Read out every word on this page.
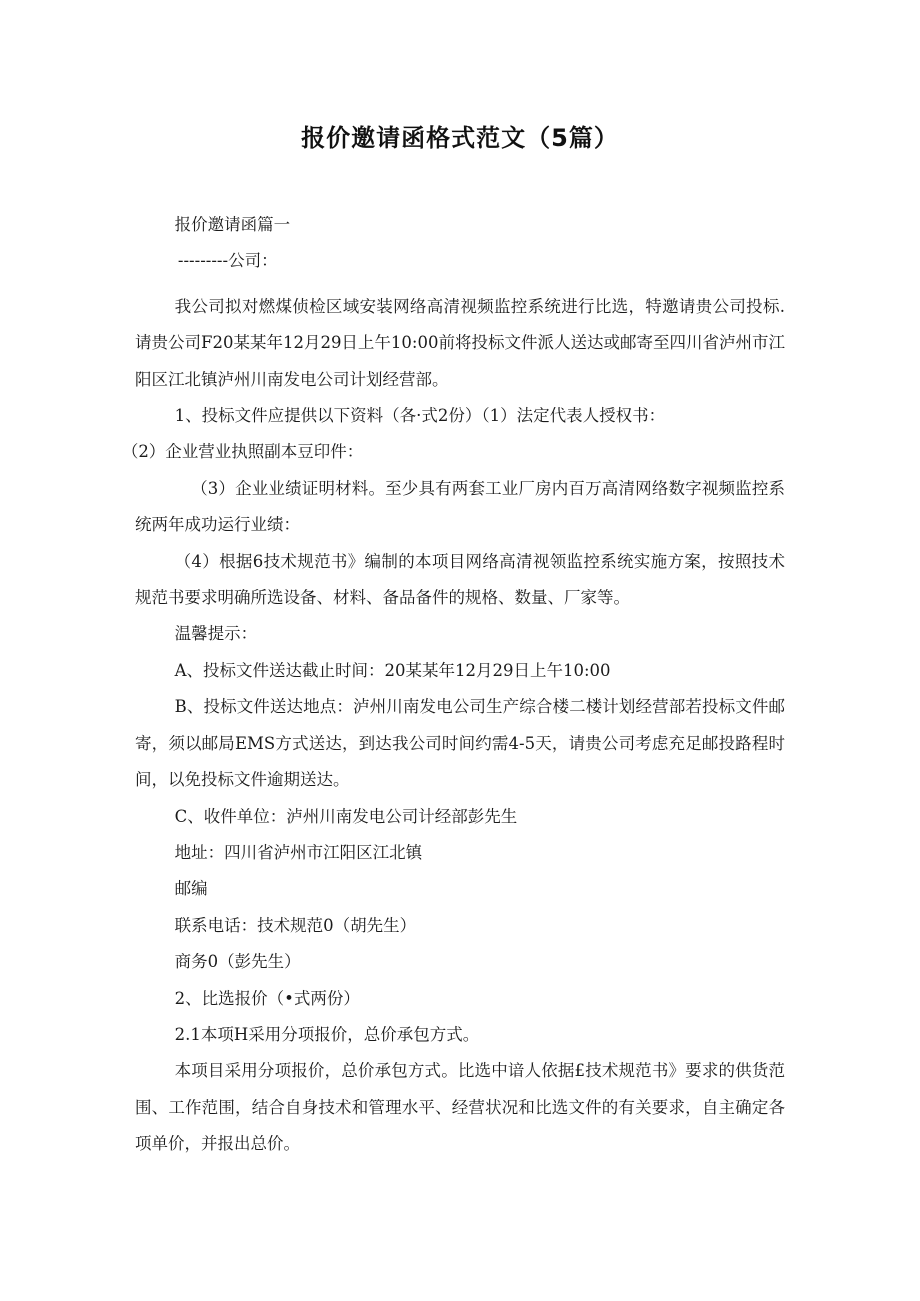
报价邀请函格式范文（5篇）

报价邀请函篇一

---------公司：

我公司拟对燃煤侦检区域安装网络高清视频监控系统进行比选，特邀请贵公司投标.请贵公司F20某某年12月29日上午10:00前将投标文件派人送达或邮寄至四川省泸州市江阳区江北镇泸州川南发电公司计划经营部。

1、投标文件应提供以下资料（各·式2份）（1）法定代表人授权书：

（2）企业营业执照副本豆印件：

（3）企业业绩证明材料。至少具有两套工业厂房内百万高清网络数字视频监控系统两年成功运行业绩：

（4）根据6技术规范书》编制的本项目网络高清视领监控系统实施方案，按照技术规范书要求明确所选设备、材料、备品备件的规格、数量、厂家等。

温馨提示：

A、投标文件送达截止时间：20某某年12月29日上午10:00

B、投标文件送达地点：泸州川南发电公司生产综合楼二楼计划经营部若投标文件邮寄，须以邮局EMS方式送达，到达我公司时间约需4-5天，请贵公司考虑充足邮投路程时间，以免投标文件逾期送达。

C、收件单位：泸州川南发电公司计经部彭先生

地址：四川省泸州市江阳区江北镇

邮编

联系电话：技术规范0（胡先生）

商务0（彭先生）

2、比选报价（•式两份）

2.1本项H采用分项报价，总价承包方式。

本项目采用分项报价，总价承包方式。比选中谙人依据£技术规范书》要求的供货范围、工作范围，结合自身技术和管理水平、经营状况和比选文件的有关要求，自主确定各项单价，并报出总价。
